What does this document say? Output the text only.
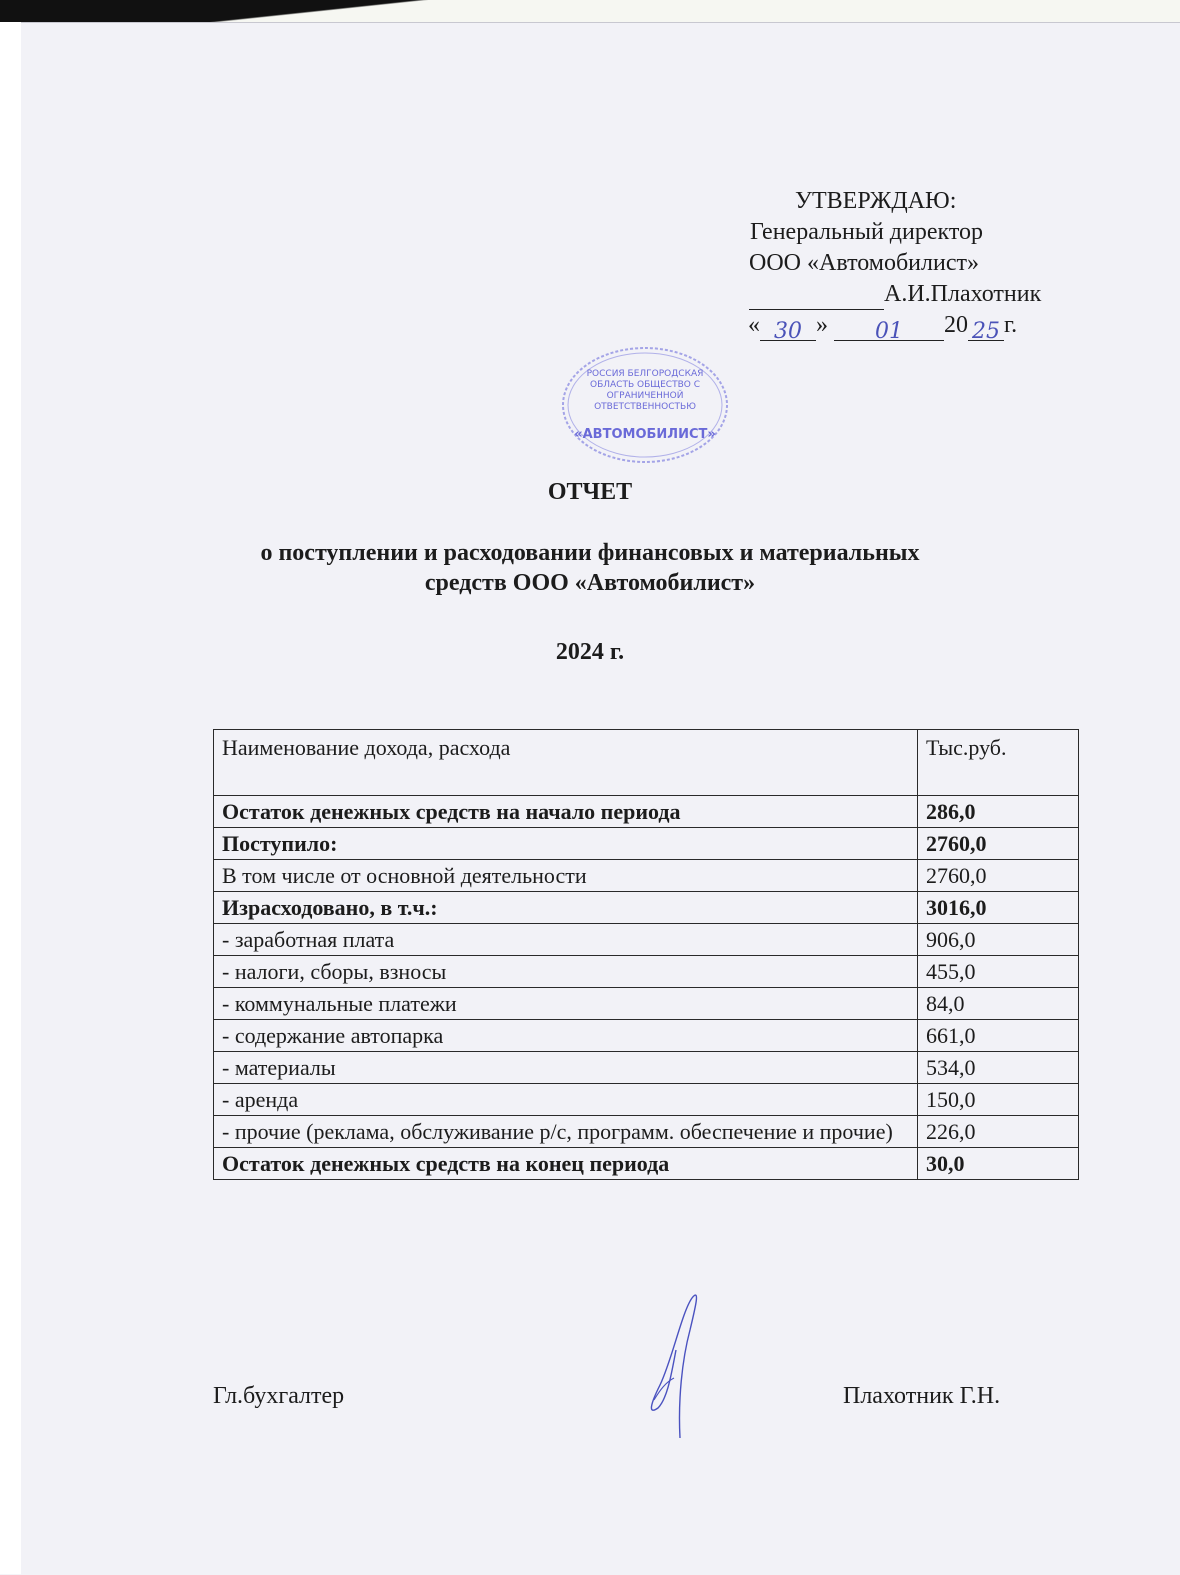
РОССИЯ БЕЛГОРОДСКАЯ ОБЛАСТЬ ОБЩЕСТВО С ОГРАНИЧЕННОЙ ОТВЕТСТВЕННОСТЬЮ
«АВТОМОБИЛИСТ»
УТВЕРЖДАЮ:
Генеральный директор
ООО «Автомобилист»
А.И.Плахотник
« 30 » 01 20 25 г.
ОТЧЕТ
о поступлении и расходовании финансовых и материальных
средств ООО «Автомобилист»
2024 г.
Наименование дохода, расхода	Тыс.руб.
Остаток денежных средств на начало периода	286,0
Поступило:	2760,0
В том числе от основной деятельности	2760,0
Израсходовано, в т.ч.:	3016,0
- заработная плата	906,0
- налоги, сборы, взносы	455,0
- коммунальные платежи	84,0
- содержание автопарка	661,0
- материалы	534,0
- аренда	150,0
- прочие (реклама, обслуживание р/с, программ. обеспечение и прочие)	226,0
Остаток денежных средств на конец периода	30,0
Гл.бухгалтер	Плахотник Г.Н.
